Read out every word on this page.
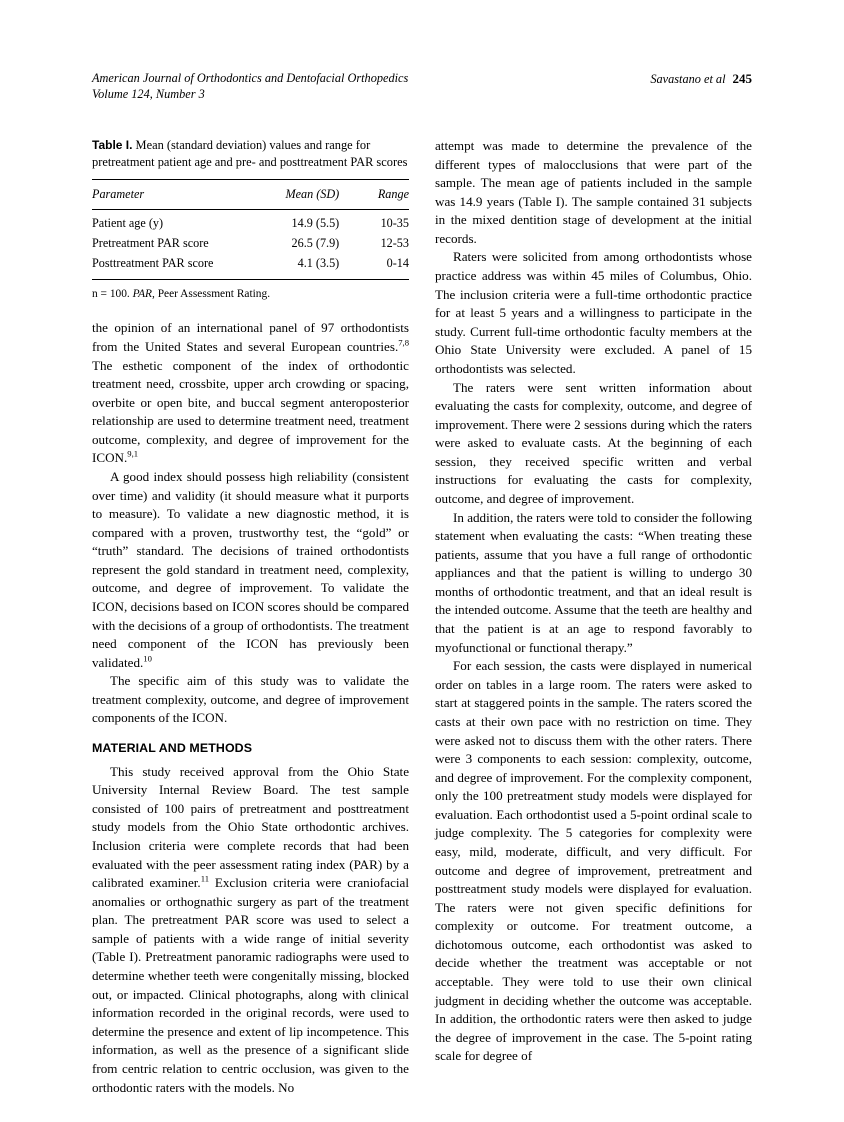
American Journal of Orthodontics and Dentofacial Orthopedics
Volume 124, Number 3
Savastano et al 245

Table I. Mean (standard deviation) values and range for pretreatment patient age and pre- and posttreatment PAR scores

Parameter	Mean (SD)	Range
Patient age (y)	14.9 (5.5)	10-35
Pretreatment PAR score	26.5 (7.9)	12-53
Posttreatment PAR score	4.1 (3.5)	0-14

n = 100. PAR, Peer Assessment Rating.

the opinion of an international panel of 97 orthodontists from the United States and several European countries.$^{7,8}$ The esthetic component of the index of orthodontic treatment need, crossbite, upper arch crowding or spacing, overbite or open bite, and buccal segment anteroposterior relationship are used to determine treatment need, treatment outcome, complexity, and degree of improvement for the ICON.$^{9,1}$

A good index should possess high reliability (consistent over time) and validity (it should measure what it purports to measure). To validate a new diagnostic method, it is compared with a proven, trustworthy test, the “gold” or “truth” standard. The decisions of trained orthodontists represent the gold standard in treatment need, complexity, outcome, and degree of improvement. To validate the ICON, decisions based on ICON scores should be compared with the decisions of a group of orthodontists. The treatment need component of the ICON has previously been validated.$^{10}$

The specific aim of this study was to validate the treatment complexity, outcome, and degree of improvement components of the ICON.

MATERIAL AND METHODS

This study received approval from the Ohio State University Internal Review Board. The test sample consisted of 100 pairs of pretreatment and posttreatment study models from the Ohio State orthodontic archives. Inclusion criteria were complete records that had been evaluated with the peer assessment rating index (PAR) by a calibrated examiner.$^{11}$ Exclusion criteria were craniofacial anomalies or orthognathic surgery as part of the treatment plan. The pretreatment PAR score was used to select a sample of patients with a wide range of initial severity (Table I). Pretreatment panoramic radiographs were used to determine whether teeth were congenitally missing, blocked out, or impacted. Clinical photographs, along with clinical information recorded in the original records, were used to determine the presence and extent of lip incompetence. This information, as well as the presence of a significant slide from centric relation to centric occlusion, was given to the orthodontic raters with the models. No

attempt was made to determine the prevalence of the different types of malocclusions that were part of the sample. The mean age of patients included in the sample was 14.9 years (Table I). The sample contained 31 subjects in the mixed dentition stage of development at the initial records.

Raters were solicited from among orthodontists whose practice address was within 45 miles of Columbus, Ohio. The inclusion criteria were a full-time orthodontic practice for at least 5 years and a willingness to participate in the study. Current full-time orthodontic faculty members at the Ohio State University were excluded. A panel of 15 orthodontists was selected.

The raters were sent written information about evaluating the casts for complexity, outcome, and degree of improvement. There were 2 sessions during which the raters were asked to evaluate casts. At the beginning of each session, they received specific written and verbal instructions for evaluating the casts for complexity, outcome, and degree of improvement.

In addition, the raters were told to consider the following statement when evaluating the casts: “When treating these patients, assume that you have a full range of orthodontic appliances and that the patient is willing to undergo 30 months of orthodontic treatment, and that an ideal result is the intended outcome. Assume that the teeth are healthy and that the patient is at an age to respond favorably to myofunctional or functional therapy.”

For each session, the casts were displayed in numerical order on tables in a large room. The raters were asked to start at staggered points in the sample. The raters scored the casts at their own pace with no restriction on time. They were asked not to discuss them with the other raters. There were 3 components to each session: complexity, outcome, and degree of improvement. For the complexity component, only the 100 pretreatment study models were displayed for evaluation. Each orthodontist used a 5-point ordinal scale to judge complexity. The 5 categories for complexity were easy, mild, moderate, difficult, and very difficult. For outcome and degree of improvement, pretreatment and posttreatment study models were displayed for evaluation. The raters were not given specific definitions for complexity or outcome. For treatment outcome, a dichotomous outcome, each orthodontist was asked to decide whether the treatment was acceptable or not acceptable. They were told to use their own clinical judgment in deciding whether the outcome was acceptable. In addition, the orthodontic raters were then asked to judge the degree of improvement in the case. The 5-point rating scale for degree of
